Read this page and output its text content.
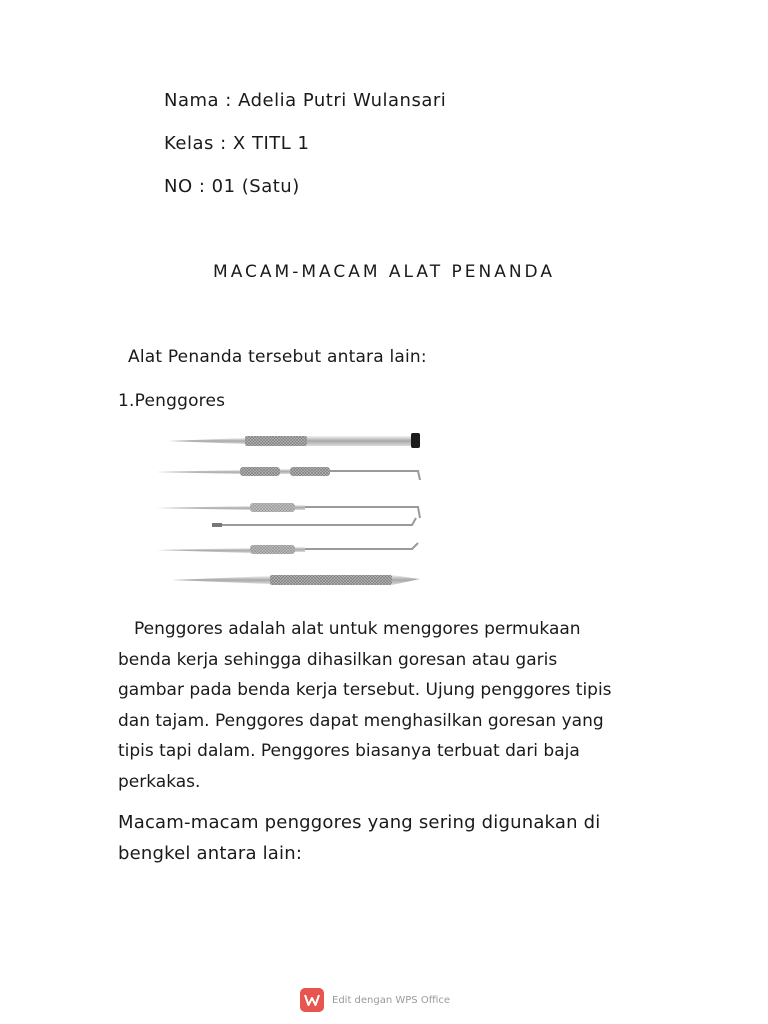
Nama : Adelia Putri Wulansari
Kelas : X TITL 1
NO : 01 (Satu)
MACAM-MACAM ALAT PENANDA
Alat Penanda tersebut antara lain:
1.Penggores
Penggores adalah alat untuk menggores permukaan
benda kerja sehingga dihasilkan goresan atau garis
gambar pada benda kerja tersebut. Ujung penggores tipis
dan tajam. Penggores dapat menghasilkan goresan yang
tipis tapi dalam. Penggores biasanya terbuat dari baja
perkakas.
Macam-macam penggores yang sering digunakan di
bengkel antara lain:
Edit dengan WPS Office
